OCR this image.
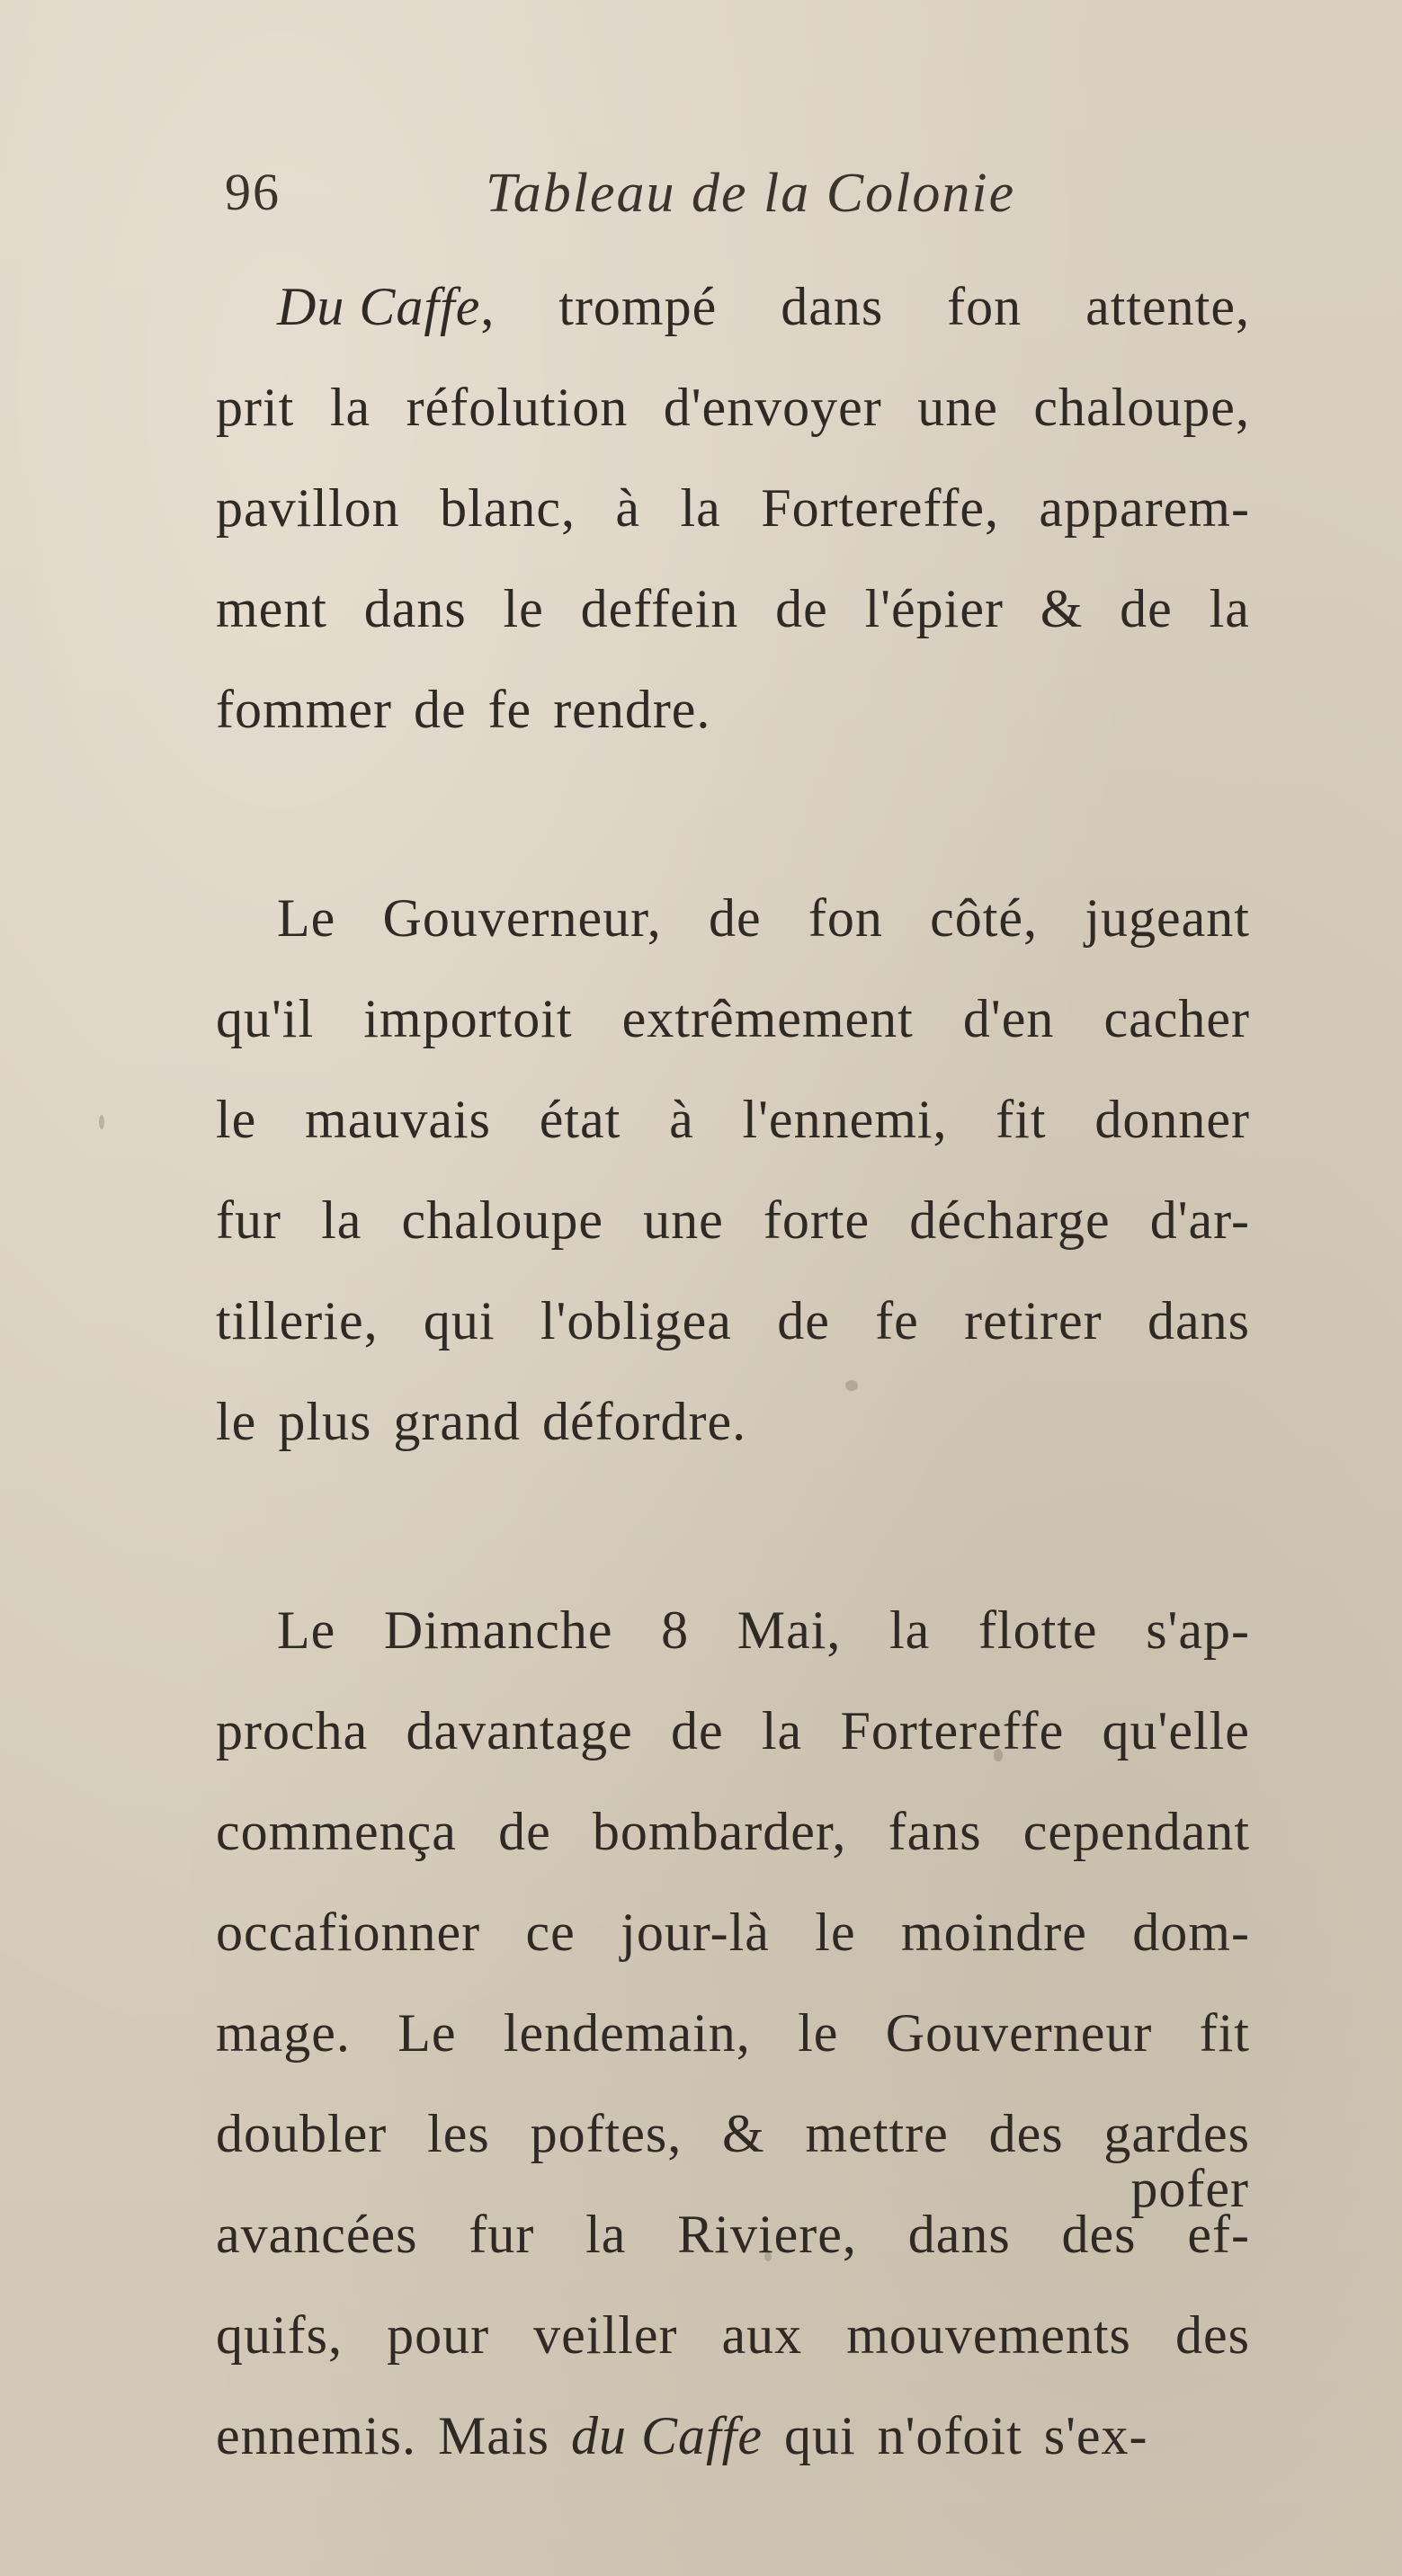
96	Tableau de la Colonie
Du Caffe, trompé dans fon attente,
prit la réfolution d'envoyer une chaloupe,
pavillon blanc, à la Fortereffe, apparem-
ment dans le deffein de l'épier & de la
fommer de fe rendre.
Le Gouverneur, de fon côté, jugeant
qu'il importoit extrêmement d'en cacher
le mauvais état à l'ennemi, fit donner
fur la chaloupe une forte décharge d'ar-
tillerie, qui l'obligea de fe retirer dans
le plus grand défordre.
Le Dimanche 8 Mai, la flotte s'ap-
procha davantage de la Fortereffe qu'elle
commença de bombarder, fans cependant
occafionner ce jour-là le moindre dom-
mage. Le lendemain, le Gouverneur fit
doubler les poftes, & mettre des gardes
avancées fur la Riviere, dans des ef-
quifs, pour veiller aux mouvements des
ennemis. Mais du Caffe qui n'ofoit s'ex-
pofer
